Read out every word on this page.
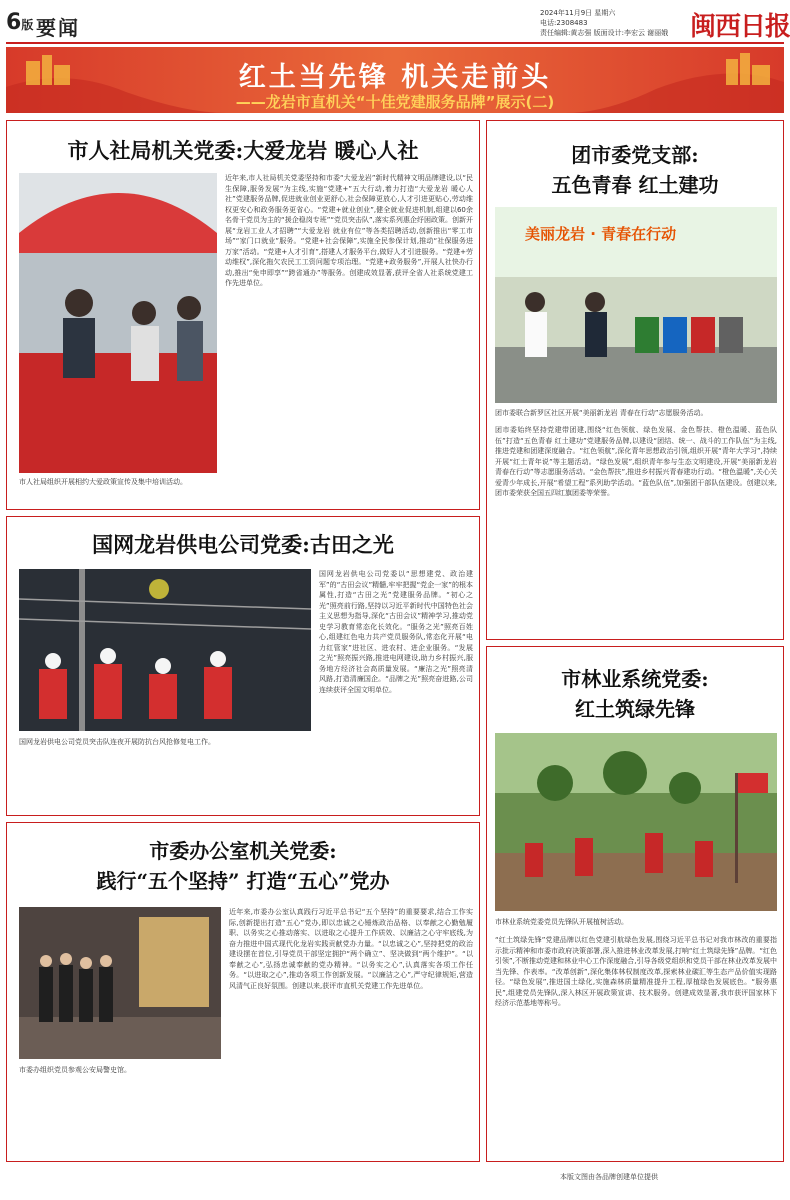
6版 要闻
2024年11月9日 星期六
电话:2308483
责任编辑:黄志强 版面设计:李宏云 谢丽娥 闽西日报
红土当先锋 机关走前头
——龙岩市直机关“十佳党建服务品牌”展示(二)
市人社局机关党委:大爱龙岩 暖心人社
市人社局组织开展相约大爱政策宣传及集中培训活动。
近年来,市人社局机关党委坚持和市委“大爱龙岩”新时代精神文明品牌建设,以“民生保障,服务发展”为主线,实施“党建+”五大行动,着力打造“大爱龙岩 暖心人社”党建服务品牌,促进就业创业更舒心,社会保障更放心,人才引进更贴心,劳动维权更安心和政务服务更省心。“党建+就业创业”,健全就业促进机制,组建以60余名骨干党员为主的“援企稳岗专班”“党员突击队”,落实系列惠企纾困政策。创新开展“龙岩工业人才招聘”“大爱龙岩 就业有位”等各类招聘活动,创新推出“零工市场”“家门口就业”服务。“党建+社会保障”,实施全民参保计划,推动“社保服务进万家”活动。“党建+人才引育”,搭建人才服务平台,做好人才引进服务。“党建+劳动维权”,深化拖欠农民工工资问题专项治理。“党建+政务服务”,开展人社快办行动,推出“免申即享”“跨省通办”等服务。创建成效显著,获评全省人社系统党建工作先进单位。
团市委党支部:
五色青春 红土建功
美丽龙岩 · 青春在行动
团市委联合新罗区社区开展“美丽新龙岩 青春在行动”志愿服务活动。
团市委始终坚持党建带团建,围绕“红色领航、绿色发展、金色帮扶、橙色温暖、蓝色队伍”打造“五色青春 红土建功”党建服务品牌,以建设“团结、统一、战斗的工作队伍”为主线,推进党建和团建深度融合。“红色领航”,深化青年思想政治引领,组织开展“青年大学习”,持续开展“红土青年说”等主题活动。“绿色发展”,组织青年参与生态文明建设,开展“美丽新龙岩 青春在行动”等志愿服务活动。“金色帮扶”,推进乡村振兴青春建功行动。“橙色温暖”,关心关爱青少年成长,开展“希望工程”系列助学活动。“蓝色队伍”,加强团干部队伍建设。创建以来,团市委荣获全国五四红旗团委等荣誉。
国网龙岩供电公司党委:古田之光
国网龙岩供电公司党员突击队连夜开展防抗台风抢修复电工作。
国网龙岩供电公司党委以“思想建党、政治建军”的“古田会议”精髓,牢牢把握“党企一家”的根本属性,打造“古田之光”党建服务品牌。“初心之光”照亮前行路,坚持以习近平新时代中国特色社会主义思想为指导,深化“古田会议”精神学习,推动党史学习教育常态化长效化。“服务之光”照亮百姓心,组建红色电力共产党员服务队,常态化开展“电力红管家”进社区、进农村、进企业服务。“发展之光”照亮振兴路,推进电网建设,助力乡村振兴,服务地方经济社会高质量发展。“廉洁之光”照亮清风路,打造清廉国企。“品牌之光”照亮奋进路,公司连续获评全国文明单位。	市林业系统党委:
红土筑绿先锋
市林业系统党委党员先锋队开展植树活动。
“红土筑绿先锋”党建品牌以红色党建引航绿色发展,围绕习近平总书记对我市林改的重要指示批示精神和市委市政府决策部署,深入推进林业改革发展,打响“红土筑绿先锋”品牌。“红色引领”,不断推动党建和林业中心工作深度融合,引导各级党组织和党员干部在林业改革发展中当先锋、作表率。“改革创新”,深化集体林权制度改革,探索林业碳汇等生态产品价值实现路径。“绿色发展”,推进国土绿化,实施森林质量精准提升工程,厚植绿色发展底色。“服务惠民”,组建党员先锋队,深入林区开展政策宣讲、技术服务。创建成效显著,我市获评国家林下经济示范基地等称号。
市委办公室机关党委:
践行“五个坚持” 打造“五心”党办
市委办组织党员参观公安局警史馆。
近年来,市委办公室认真践行习近平总书记“五个坚持”的重要要求,结合工作实际,创新提出打造“五心”党办,即以忠诚之心锤炼政治品格、以奉献之心勤勉履职、以务实之心推动落实、以进取之心提升工作质效、以廉洁之心守牢底线,为奋力推进中国式现代化龙岩实践贡献党办力量。“以忠诚之心”,坚持把党的政治建设摆在首位,引导党员干部坚定拥护“两个确立”、坚决做到“两个维护”。“以奉献之心”,弘扬忠诚奉献的党办精神。“以务实之心”,认真落实各项工作任务。“以进取之心”,推动各项工作创新发展。“以廉洁之心”,严守纪律规矩,营造风清气正良好氛围。创建以来,获评市直机关党建工作先进单位。
本版文图由各品牌创建单位提供
